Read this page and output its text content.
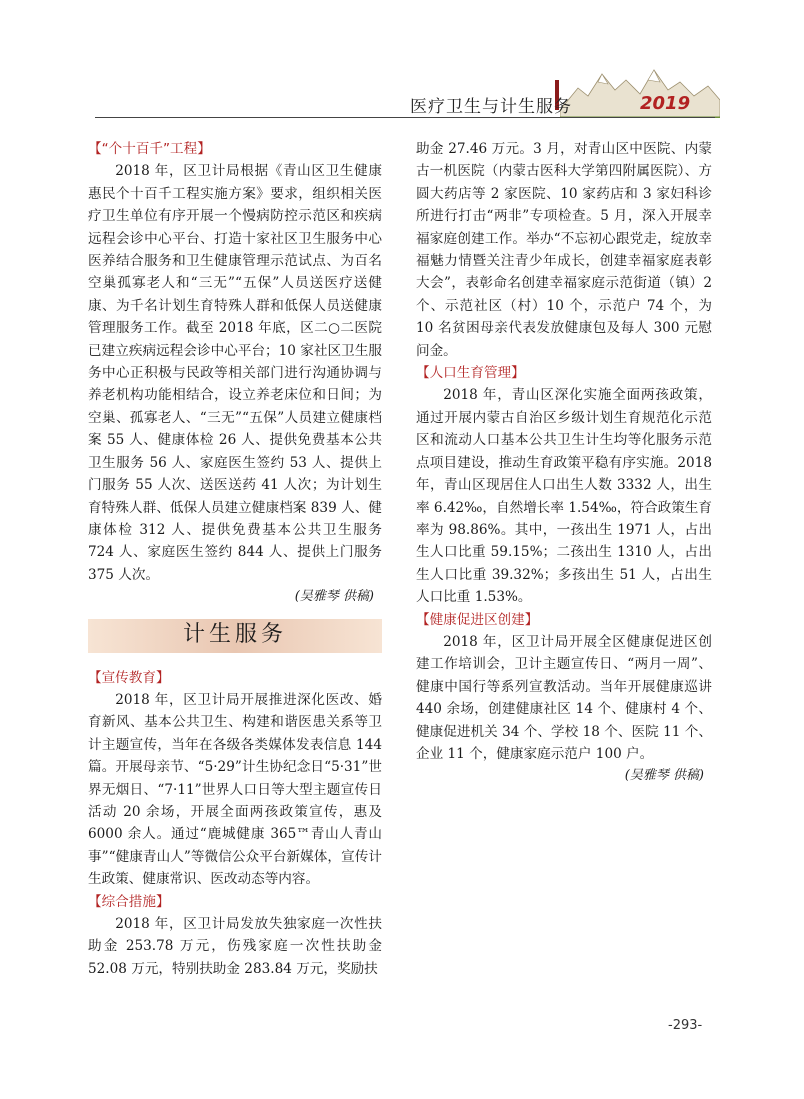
医疗卫生与计生服务	2019
【“个十百千”工程】

2018 年，区卫计局根据《青山区卫生健康惠民个十百千工程实施方案》要求，组织相关医疗卫生单位有序开展一个慢病防控示范区和疾病远程会诊中心平台、打造十家社区卫生服务中心医养结合服务和卫生健康管理示范试点、为百名空巢孤寡老人和“三无”“五保”人员送医疗送健康、为千名计划生育特殊人群和低保人员送健康管理服务工作。截至 2018 年底，区二○二医院已建立疾病远程会诊中心平台；10 家社区卫生服务中心正积极与民政等相关部门进行沟通协调与养老机构功能相结合，设立养老床位和日间；为空巢、孤寡老人、“三无”“五保”人员建立健康档案 55 人、健康体检 26 人、提供免费基本公共卫生服务 56 人、家庭医生签约 53 人、提供上门服务 55 人次、送医送药 41 人次；为计划生育特殊人群、低保人员建立健康档案 839 人、健康体检 312 人、提供免费基本公共卫生服务 724 人、家庭医生签约 844 人、提供上门服务 375 人次。

(吴雅琴 供稿)
计生服务
【宣传教育】

2018 年，区卫计局开展推进深化医改、婚育新风、基本公共卫生、构建和谐医患关系等卫计主题宣传，当年在各级各类媒体发表信息 144 篇。开展母亲节、“5·29”计生协纪念日“5·31”世界无烟日、“7·11”世界人口日等大型主题宣传日活动 20 余场，开展全面两孩政策宣传，惠及 6000 余人。通过“鹿城健康 365™青山人青山事”“健康青山人”等微信公众平台新媒体，宣传计生政策、健康常识、医改动态等内容。

【综合措施】

2018 年，区卫计局发放失独家庭一次性扶助金 253.78 万元，伤残家庭一次性扶助金 52.08 万元，特别扶助金 283.84 万元，奖励扶

助金 27.46 万元。3 月，对青山区中医院、内蒙古一机医院（内蒙古医科大学第四附属医院）、方圆大药店等 2 家医院、10 家药店和 3 家妇科诊所进行打击“两非”专项检查。5 月，深入开展幸福家庭创建工作。举办“不忘初心跟党走，绽放幸福魅力情暨关注青少年成长，创建幸福家庭表彰大会”，表彰命名创建幸福家庭示范街道（镇）2 个、示范社区（村）10 个，示范户 74 个，为 10 名贫困母亲代表发放健康包及每人 300 元慰问金。

【人口生育管理】

2018 年，青山区深化实施全面两孩政策，通过开展内蒙古自治区乡级计划生育规范化示范区和流动人口基本公共卫生计生均等化服务示范点项目建设，推动生育政策平稳有序实施。2018 年，青山区现居住人口出生人数 3332 人，出生率 6.42‰，自然增长率 1.54‰，符合政策生育率为 98.86%。其中，一孩出生 1971 人，占出生人口比重 59.15%；二孩出生 1310 人，占出生人口比重 39.32%；多孩出生 51 人，占出生人口比重 1.53%。

【健康促进区创建】

2018 年，区卫计局开展全区健康促进区创建工作培训会，卫计主题宣传日、“两月一周”、健康中国行等系列宣教活动。当年开展健康巡讲 440 余场，创建健康社区 14 个、健康村 4 个、健康促进机关 34 个、学校 18 个、医院 11 个、企业 11 个，健康家庭示范户 100 户。

(吴雅琴 供稿)
-293-
